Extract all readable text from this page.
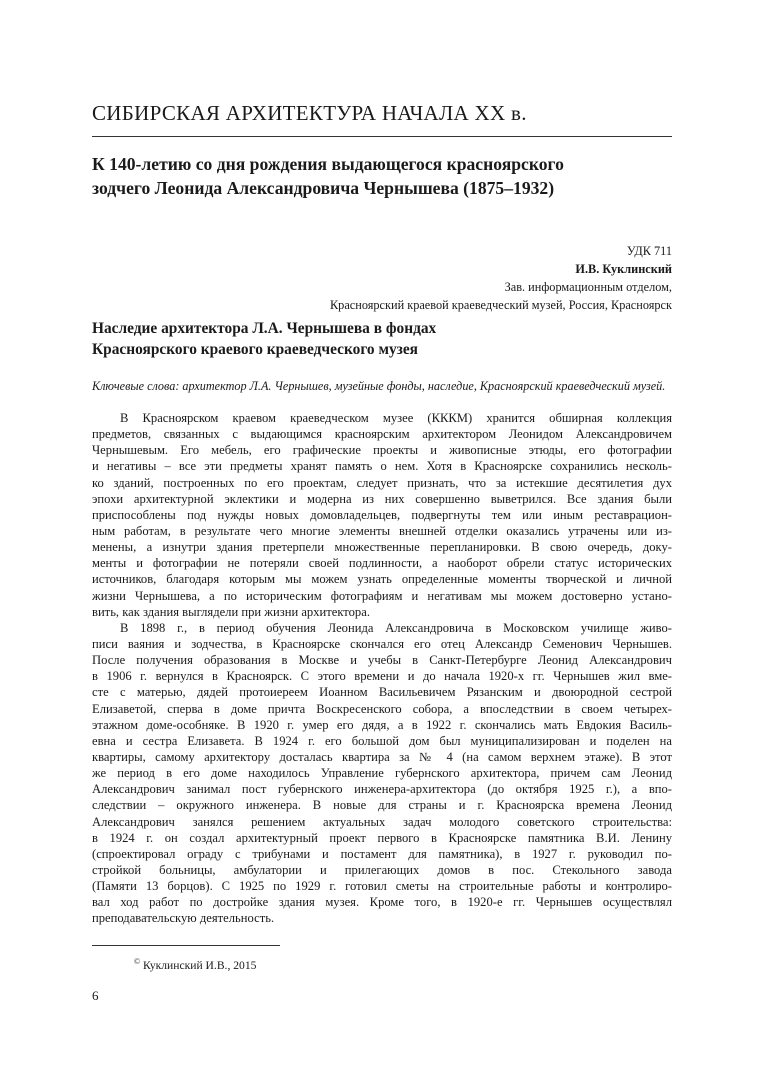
СИБИРСКАЯ АРХИТЕКТУРА НАЧАЛА XX в.
К 140-летию со дня рождения выдающегося красноярского
зодчего Леонида Александровича Чернышева (1875–1932)
УДК 711
И.В. Куклинский
Зав. информационным отделом,
Красноярский краевой краеведческий музей, Россия, Красноярск
Наследие архитектора Л.А. Чернышева в фондах
Красноярского краевого краеведческого музея
Ключевые слова: архитектор Л.А. Чернышев, музейные фонды, наследие, Красноярский краеведческий музей.
В Красноярском краевом краеведческом музее (КККМ) хранится обширная коллекция
предметов, связанных с выдающимся красноярским архитектором Леонидом Александровичем
Чернышевым. Его мебель, его графические проекты и живописные этюды, его фотографии
и негативы – все эти предметы хранят память о нем. Хотя в Красноярске сохранились несколь-
ко зданий, построенных по его проектам, следует признать, что за истекшие десятилетия дух
эпохи архитектурной эклектики и модерна из них совершенно выветрился. Все здания были
приспособлены под нужды новых домовладельцев, подвергнуты тем или иным реставрацион-
ным работам, в результате чего многие элементы внешней отделки оказались утрачены или из-
менены, а изнутри здания претерпели множественные перепланировки. В свою очередь, доку-
менты и фотографии не потеряли своей подлинности, а наоборот обрели статус исторических
источников, благодаря которым мы можем узнать определенные моменты творческой и личной
жизни Чернышева, а по историческим фотографиям и негативам мы можем достоверно устано-
вить, как здания выглядели при жизни архитектора.
В 1898 г., в период обучения Леонида Александровича в Московском училище живо-
писи ваяния и зодчества, в Красноярске скончался его отец Александр Семенович Чернышев.
После получения образования в Москве и учебы в Санкт-Петербурге Леонид Александрович
в 1906 г. вернулся в Красноярск. С этого времени и до начала 1920-х гг. Чернышев жил вме-
сте с матерью, дядей протоиереем Иоанном Васильевичем Рязанским и двоюродной сестрой
Елизаветой, сперва в доме причта Воскресенского собора, а впоследствии в своем четырех-
этажном доме-особняке. В 1920 г. умер его дядя, а в 1922 г. скончались мать Евдокия Василь-
евна и сестра Елизавета. В 1924 г. его большой дом был муниципализирован и поделен на
квартиры, самому архитектору досталась квартира за № 4 (на самом верхнем этаже). В этот
же период в его доме находилось Управление губернского архитектора, причем сам Леонид
Александрович занимал пост губернского инженера-архитектора (до октября 1925 г.), а впо-
следствии – окружного инженера. В новые для страны и г. Красноярска времена Леонид
Александрович занялся решением актуальных задач молодого советского строительства:
в 1924 г. он создал архитектурный проект первого в Красноярске памятника В.И. Ленину
(спроектировал ограду с трибунами и постамент для памятника), в 1927 г. руководил по-
стройкой больницы, амбулатории и прилегающих домов в пос. Стекольного завода
(Памяти 13 борцов). С 1925 по 1929 г. готовил сметы на строительные работы и контролиро-
вал ход работ по достройке здания музея. Кроме того, в 1920-е гг. Чернышев осуществлял
преподавательскую деятельность.
© Куклинский И.В., 2015
6
